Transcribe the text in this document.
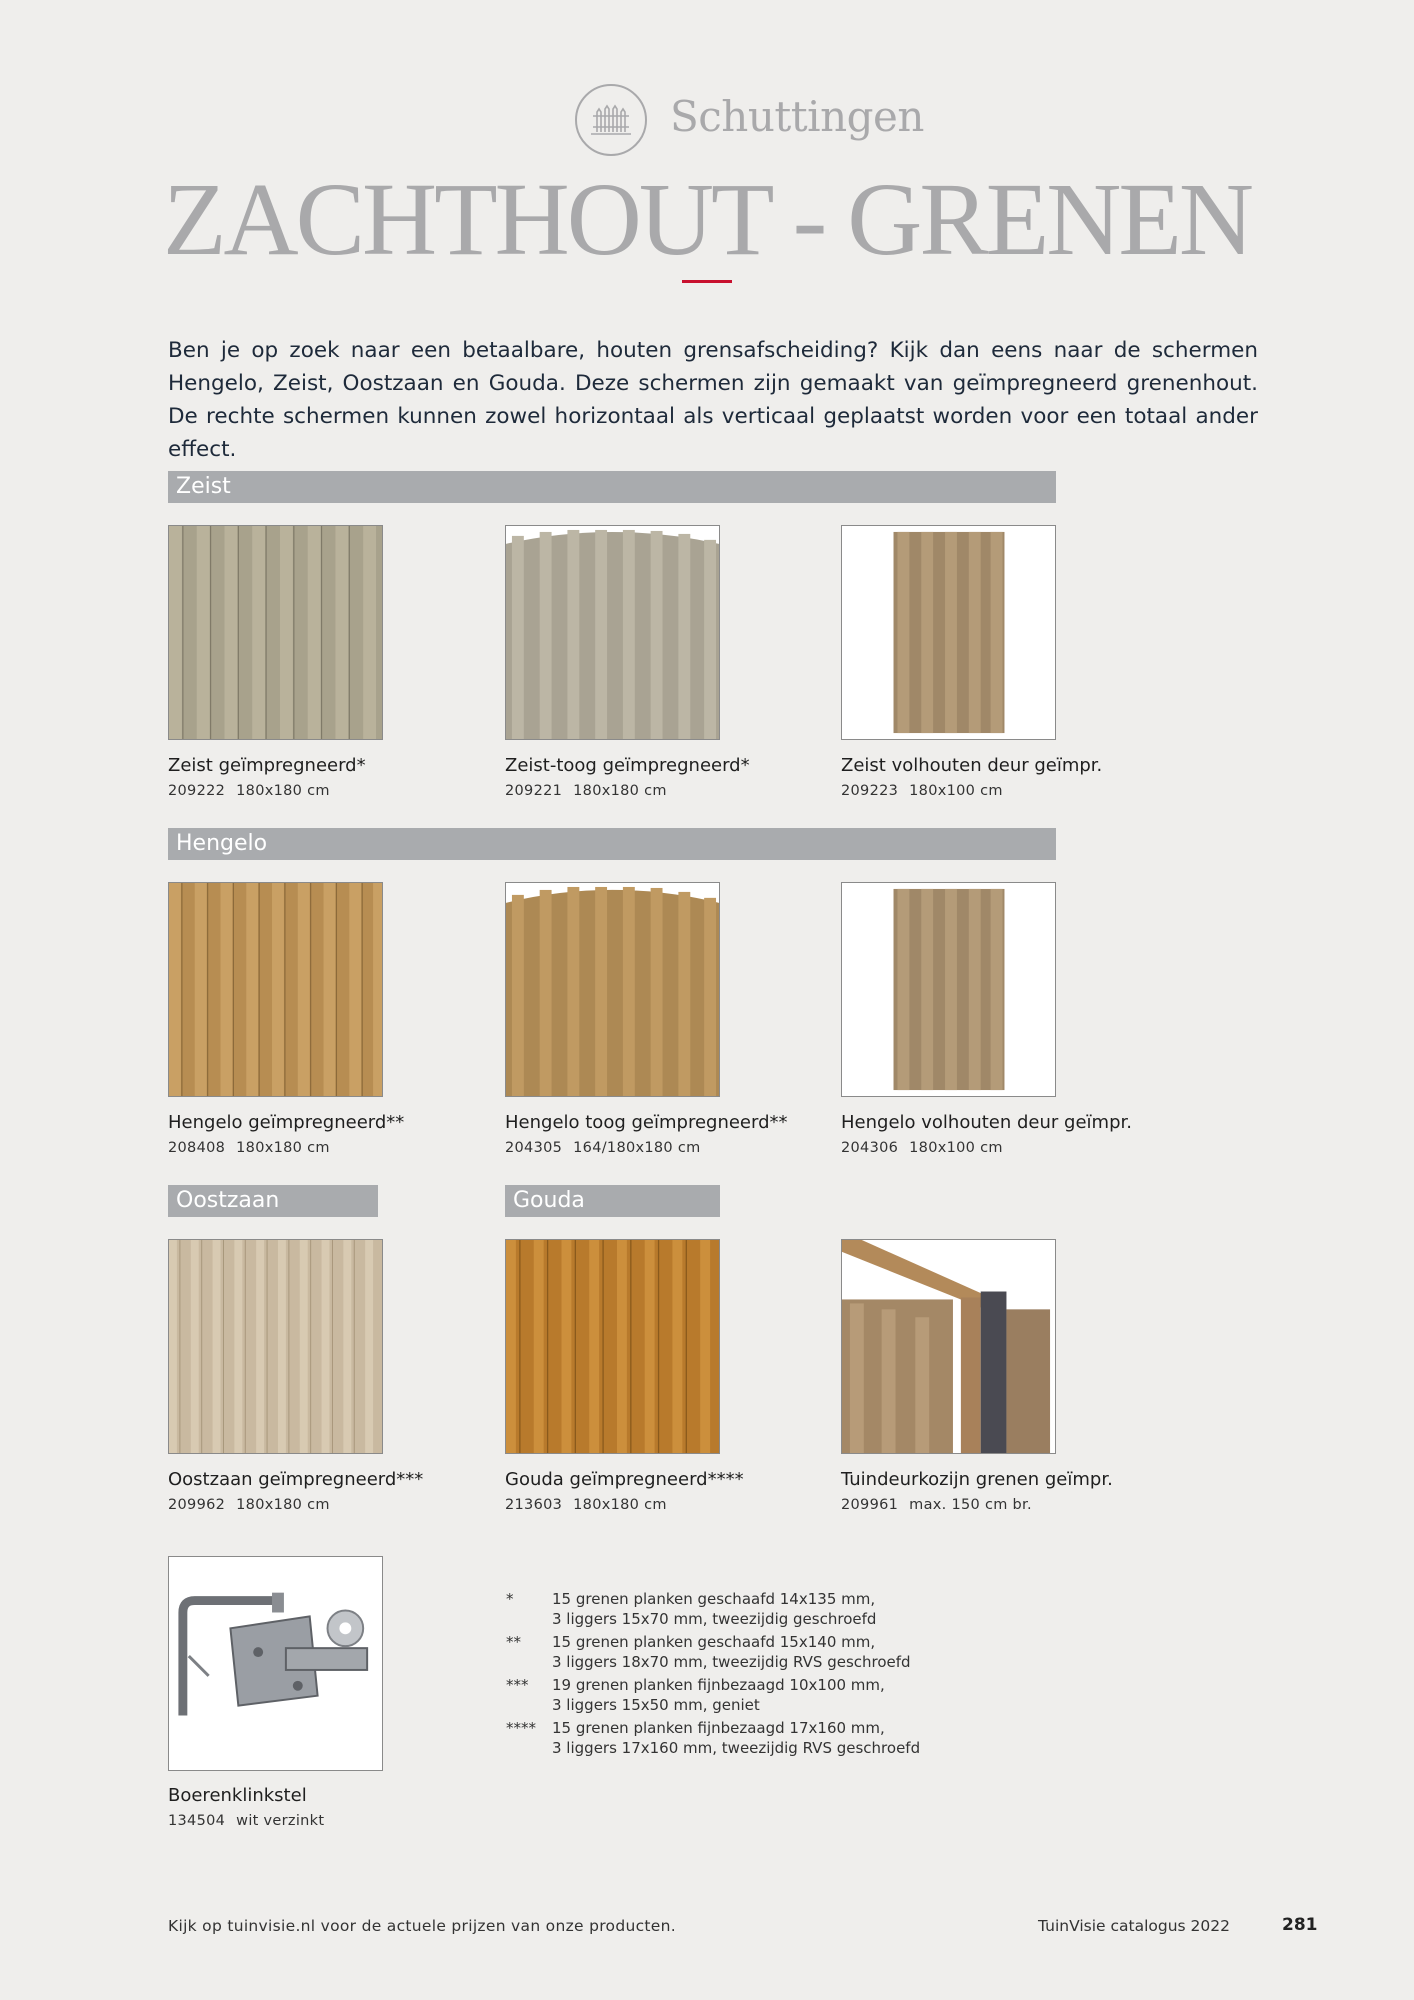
Schuttingen
ZACHTHOUT - GRENEN
Ben je op zoek naar een betaalbare, houten grensafscheiding? Kijk dan eens naar de schermen Hengelo, Zeist, Oostzaan en Gouda. Deze schermen zijn gemaakt van geïmpregneerd grenenhout. De rechte schermen kunnen zowel horizontaal als verticaal geplaatst worden voor een totaal ander effect.
Zeist
Zeist geïmpregneerd*
209222 180x180 cm
Zeist-toog geïmpregneerd*
209221 180x180 cm
Zeist volhouten deur geïmpr.
209223 180x100 cm
Hengelo
Hengelo geïmpregneerd**
208408 180x180 cm
Hengelo toog geïmpregneerd**
204305 164/180x180 cm
Hengelo volhouten deur geïmpr.
204306 180x100 cm
Oostzaan	Gouda
Oostzaan geïmpregneerd***
209962 180x180 cm
Gouda geïmpregneerd****
213603 180x180 cm
Tuindeurkozijn grenen geïmpr.
209961 max. 150 cm br.
Boerenklinkstel
134504 wit verzinkt
*	15 grenen planken geschaafd 14x135 mm,
3 liggers 15x70 mm, tweezijdig geschroefd
**	15 grenen planken geschaafd 15x140 mm,
3 liggers 18x70 mm, tweezijdig RVS geschroefd
***	19 grenen planken fijnbezaagd 10x100 mm,
3 liggers 15x50 mm, geniet
****	15 grenen planken fijnbezaagd 17x160 mm,
3 liggers 17x160 mm, tweezijdig RVS geschroefd
Kijk op tuinvisie.nl voor de actuele prijzen van onze producten.	TuinVisie catalogus 2022	281
